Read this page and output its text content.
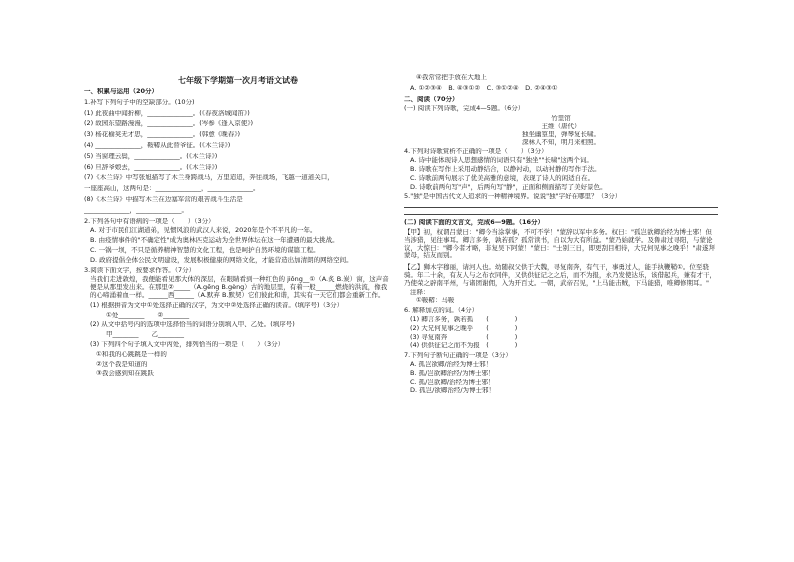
七年级下学期第一次月考语文试卷

一、积累与运用（20分）

1.补写下列句子中的空缺部分。(10分)

(1) 此夜曲中闻折柳，______________。(《春夜洛城闻笛》)

(2) 故园东望路漫漫，______________。(岑参《逢入京使》)

(3) 杨花榆荚无才思，______________。(韩愈《晚春》)

(4) ______________，鞍鞯从此替爷征。(《木兰诗》)

(5) 当窗理云鬓，______________。(《木兰诗》)

(6) 旦辞爷娘去，______________。(《木兰诗》)

(7)《木兰诗》中写张旭描写了木兰身跨战马，万里迢迢，奔往战场，飞越一道道关口，

一座座高山，这两句是：______________，______________。

(8)《木兰诗》中描写木兰在边塞军营的艰苦战斗生活是

______________，______________。

2.下列各句中有语病的一项是（　　）（3分）

A. 对于市民们江湖道弟，见惯风浪的武汉人来说，2020年是个不平凡的一年。

B. 由疫情事件的"不确定性"成为奥林匹克运动为全世界体坛在这一年遭遇的最大挑战。

C. 一锅一坝，不只是循养精神智慧的文化工程，也是呵护自然环境的谋篇工程。

D. 政府提倡全体公民文明建设，发展积极健康的网络文化，才能营造出加清朗的网络空间。

3.阅读下面文字，按要求作答。（7分）

当我们走进敦煌，我便能看见那大体的深层，在眼睛看到一种红色的 jiǒng__①（A.炙 B.炭）窗，这声音便是从那里发出来。在那里②_____（A.gēng B.gèng）古的地层里，有着一般______燃烧的洪流，像我的心啼涌着血一样。______西______（A.默弃 B.默契）它们彼此和谐，其实有一天它们都会重新工作。

(1) 根据拼音为文中①处选择正确的汉字，为文中②处选择正确的读音。(填序号)（3分）

①处________　　②________

(2) 从文中括号内的选项中选择恰当的词语分别填入甲、乙处。(填序号)

甲________　　乙________

(3) 下列四个句子填入文中丙处，排列恰当的一项是（　　）（3分）

①和我的心跳跳是一样的

②这个我是知道的

③我会感到知在跳跃

④我常常把手放在大地上

A. ①②③④　B. ④③①②　C. ③①②④　D. ②④③①

二、阅读（70分）

(一) 阅读下列诗歌，完成4—5题。（6分）

竹里馆

王维（唐代）

独坐幽篁里，弹琴复长啸。

深林人不知，明月来相照。

4.下列对诗歌赏析不正确的一项是（　　）（3分）

A. 诗中能体现诗人思想感情的词语只有"独坐""长啸"这两个词。

B. 诗歌在写作上采用动静结合，以静衬动，以动衬静的写作手法。

C. 诗歌前两句展示了优美高雅的意境，表现了诗人的闲适自在。

D. 诗歌前两句写"声"，后两句写"静"，正面和侧面描写了美好景色。

5."独"是中国古代文人追求的一种精神境界。说说"独"字好在哪里？（3分）

(二) 阅读下面的文言文，完成6—9题。（16分）

【甲】初，权谓吕蒙曰："卿今当涂掌事，不可不学！"蒙辞以军中多务。权曰："孤岂欲卿治经为博士邪！但当涉猎，见往事耳。卿言多务，孰若孤？孤常读书，自以为大有所益。"蒙乃始就学。及鲁肃过寻阳，与蒙论议，大惊曰："卿今者才略，非复吴下阿蒙！"蒙曰："士别三日，即更刮目相待，大兄何见事之晚乎！"肃遂拜蒙母，结友而别。

【乙】狮木字穆丽，请河人也。幼随叔父供于大魏，寻复南奔，有气干，事勇过人，能手执鞭鞘①。位至骁骑。年二十余，有友人与之布衣同伴，又供供征记之之后，而不为报，永乃发使达乐，该借起兵，兼有才干，乃使荣之辟南平州，与诸团谢佣，入为开百丈。一朝，武帝召见，"上马能击贼，下马能猎，唯卿修期耳。"

注释：

①鞍鞯：马鞍

6. 解释加点的词。（4分）

(1) 卿言多务，孰若孤　　(　　　　)

(2) 大兄何见事之晚乎　　(　　　　)

(3) 寻复南奔　　　　　　(　　　　)

(4) 供供征记之而不为报　(　　　　)

7.下列句子断句正确的一项是（3分）

A. 孤岂欲卿/治经为博士邪！

B. 孤/岂欲卿治经/为博士邪！

C. 孤/岂欲卿/治经为博士邪！

D. 孤岂/欲卿治经/为博士邪！
